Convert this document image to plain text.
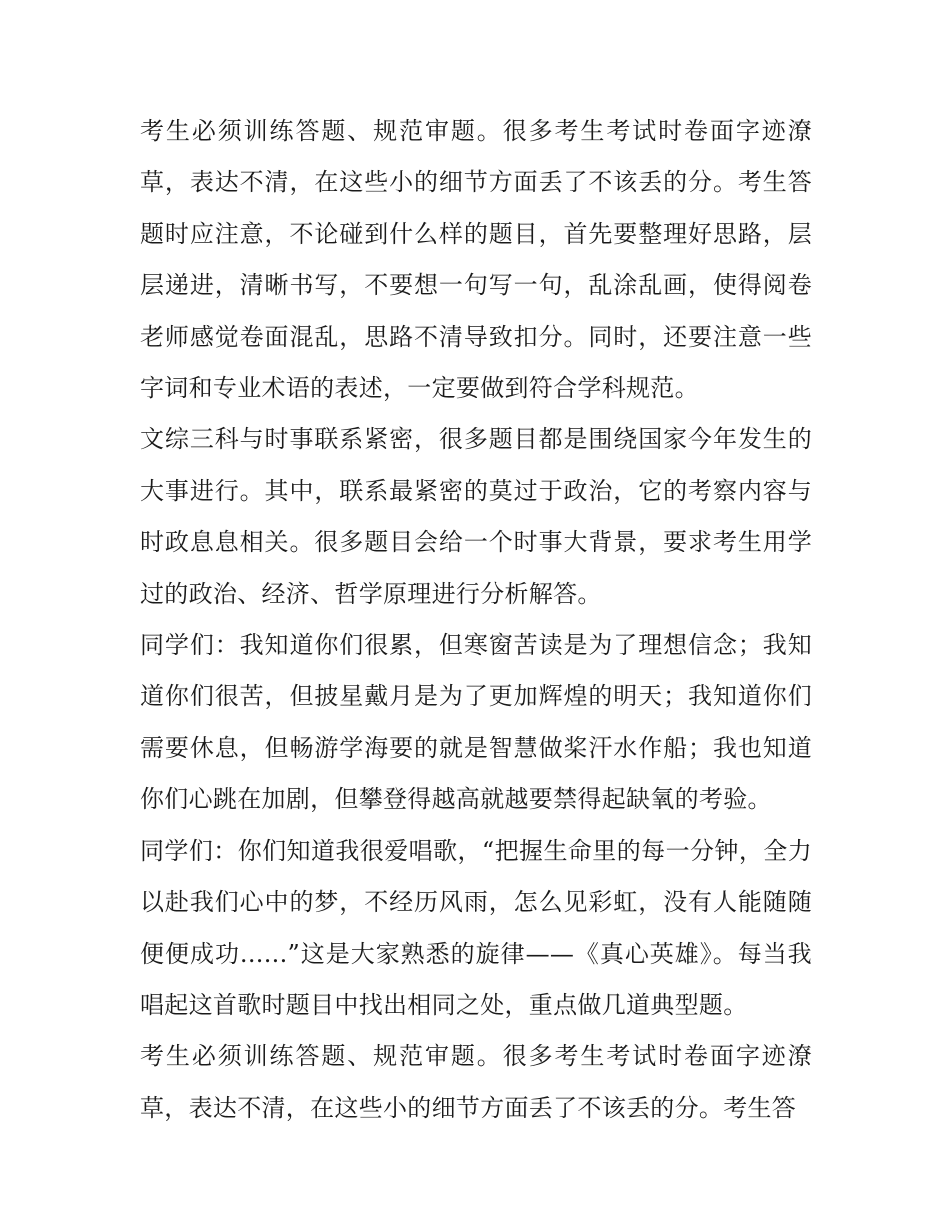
考生必须训练答题、规范审题。很多考生考试时卷面字迹潦草，表达不清，在这些小的细节方面丢了不该丢的分。考生答题时应注意，不论碰到什么样的题目，首先要整理好思路，层层递进，清晰书写，不要想一句写一句，乱涂乱画，使得阅卷老师感觉卷面混乱，思路不清导致扣分。同时，还要注意一些字词和专业术语的表述，一定要做到符合学科规范。

文综三科与时事联系紧密，很多题目都是围绕国家今年发生的大事进行。其中，联系最紧密的莫过于政治，它的考察内容与时政息息相关。很多题目会给一个时事大背景，要求考生用学过的政治、经济、哲学原理进行分析解答。

同学们：我知道你们很累，但寒窗苦读是为了理想信念；我知道你们很苦，但披星戴月是为了更加辉煌的明天；我知道你们需要休息，但畅游学海要的就是智慧做桨汗水作船；我也知道你们心跳在加剧，但攀登得越高就越要禁得起缺氧的考验。

同学们：你们知道我很爱唱歌，“把握生命里的每一分钟，全力以赴我们心中的梦，不经历风雨，怎么见彩虹，没有人能随随便便成功......”这是大家熟悉的旋律——《真心英雄》。每当我唱起这首歌时题目中找出相同之处，重点做几道典型题。

考生必须训练答题、规范审题。很多考生考试时卷面字迹潦草，表达不清，在这些小的细节方面丢了不该丢的分。考生答
